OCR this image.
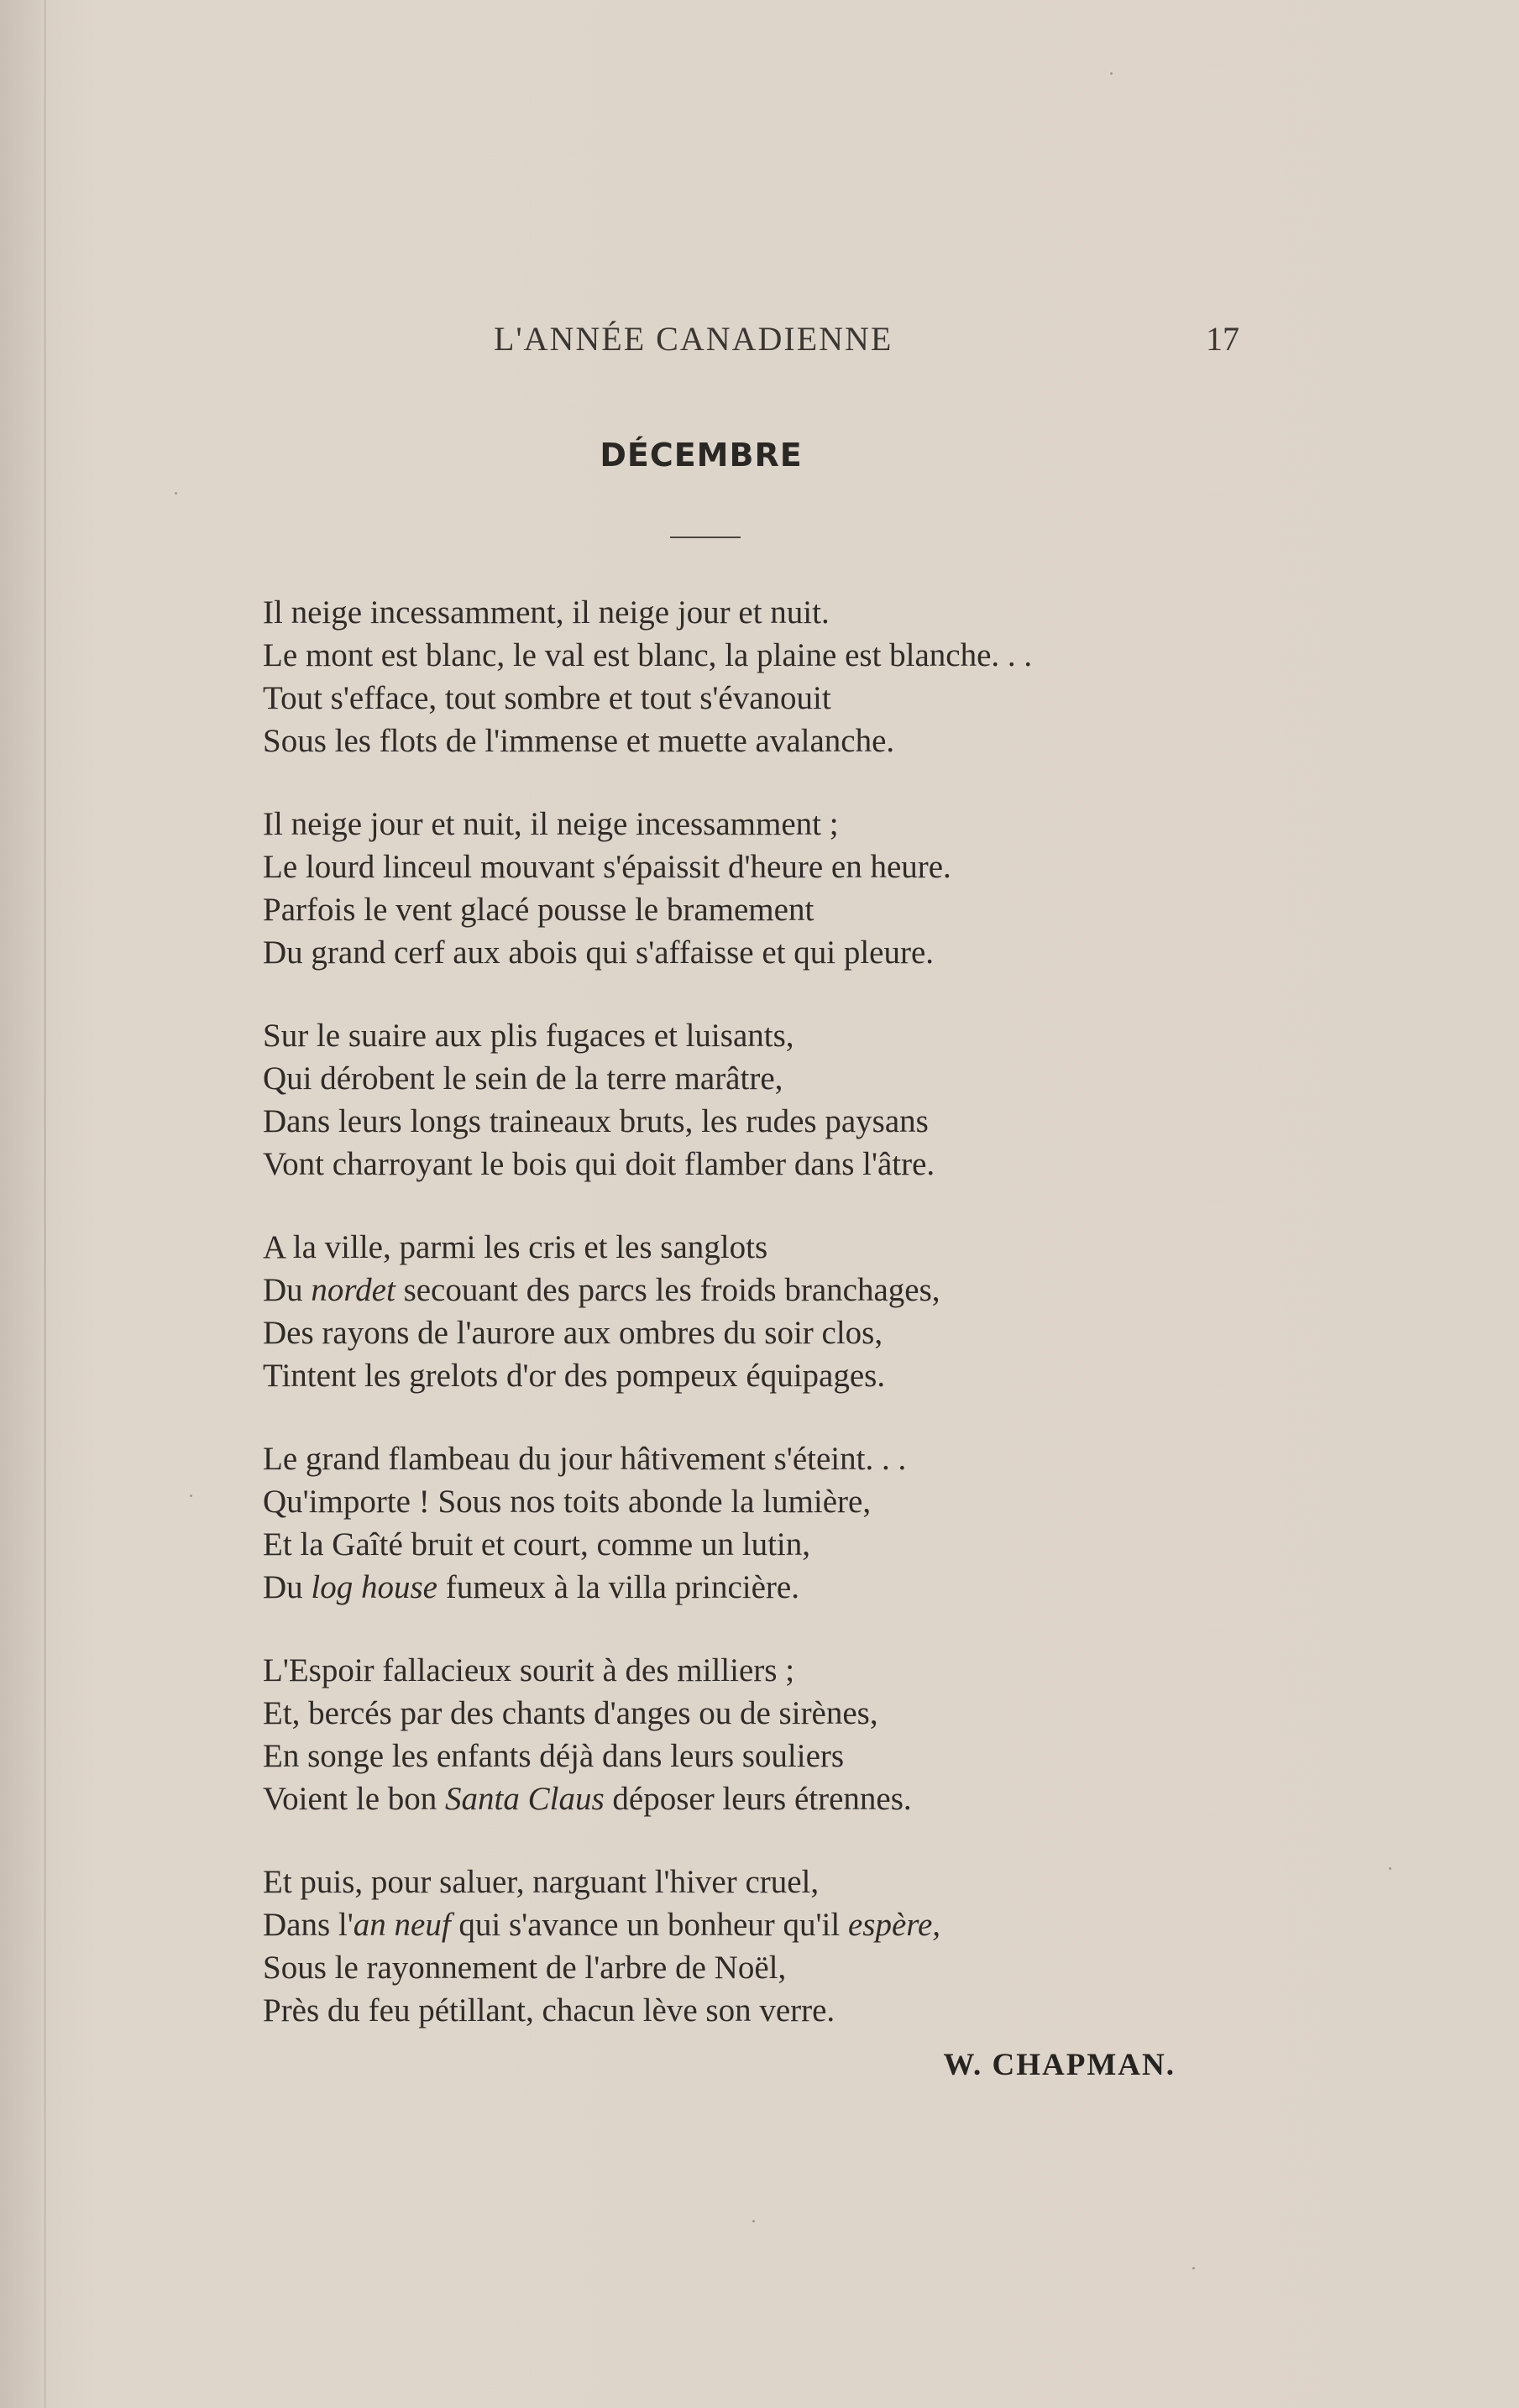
L'ANNÉE CANADIENNE	17
DÉCEMBRE
Il neige incessamment, il neige jour et nuit.
Le mont est blanc, le val est blanc, la plaine est blanche. . .
Tout s'efface, tout sombre et tout s'évanouit
Sous les flots de l'immense et muette avalanche.
Il neige jour et nuit, il neige incessamment ;
Le lourd linceul mouvant s'épaissit d'heure en heure.
Parfois le vent glacé pousse le bramement
Du grand cerf aux abois qui s'affaisse et qui pleure.
Sur le suaire aux plis fugaces et luisants,
Qui dérobent le sein de la terre marâtre,
Dans leurs longs traineaux bruts, les rudes paysans
Vont charroyant le bois qui doit flamber dans l'âtre.
A la ville, parmi les cris et les sanglots
Du nordet secouant des parcs les froids branchages,
Des rayons de l'aurore aux ombres du soir clos,
Tintent les grelots d'or des pompeux équipages.
Le grand flambeau du jour hâtivement s'éteint. . .
Qu'importe ! Sous nos toits abonde la lumière,
Et la Gaîté bruit et court, comme un lutin,
Du log house fumeux à la villa princière.
L'Espoir fallacieux sourit à des milliers ;
Et, bercés par des chants d'anges ou de sirènes,
En songe les enfants déjà dans leurs souliers
Voient le bon Santa Claus déposer leurs étrennes.
Et puis, pour saluer, narguant l'hiver cruel,
Dans l'an neuf qui s'avance un bonheur qu'il espère,
Sous le rayonnement de l'arbre de Noël,
Près du feu pétillant, chacun lève son verre.
W. CHAPMAN.
